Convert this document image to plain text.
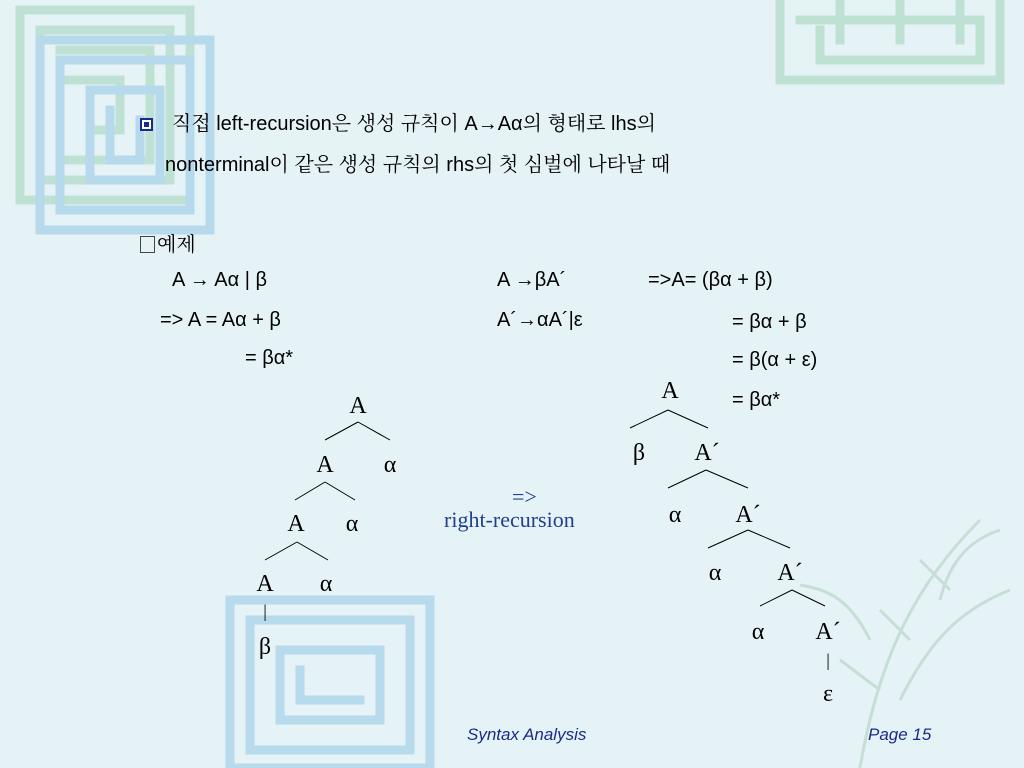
직접 left-recursion은 생성 규칙이 A→Aα의 형태로 lhs의
nonterminal이 같은 생성 규칙의 rhs의 첫 심벌에 나타날 때
예제
A → Aα | β
=> A = Aα + β
= βα*
A →βA´
A´→αA´|ε
=>A= (βα + β)
= βα + β
= β(α + ε)
= βα*
A
A	α
A	α
A	α
|
β
=>
right-recursion
A
β	A´
α	A´
α	A´
α	A´
|
ε
Syntax Analysis	Page 15
